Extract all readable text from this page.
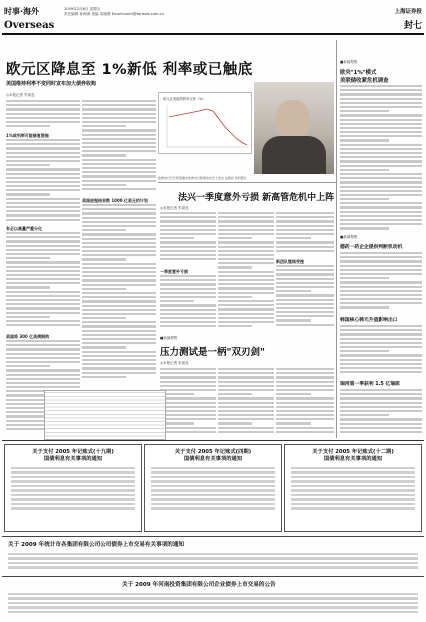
时事·海外
Overseas
2009年2月6日 星期五
责任编辑 孙海涛 美编 袁晓康 Email:sunht@ssnews.com.cn	上海证券报
封七
欧元区降息至 1%新低 利率或已触底
美国维持利率不变同时宣布加大债券收购
◎本报记者 朱周良
1%或利率可能修复措施
有必以高量严重分化
美国将 300 亿美债期购
美国进程结束数 1000 亿美元的计划
欧元区再融资利率走势（%）
欧洲央行行长特里谢在欧洲央行新闻发布会上发言 法新社 资料照片
法兴一季度意外亏损 新高管危机中上阵
◎本报记者 朱周良
一季度意外亏损
新团队继续受挫
■新闻观察
压力测试是一柄"双刃剑"
◎本报记者 朱周良
■新闻观察
欧央"1%"模式
美联储收紧危机调查
■新闻观察
德药一药企企提供判断机动机
韩国核心韩元升值影响出口
瑞再第一季获利 1.5 亿瑞郎
关于支付 2005 年记账式(十九期)
国债利息有关事项的通知
关于支付 2005 年记账式(四期)
国债利息有关事项的通知
关于支付 2005 年记账式(十二期)
国债利息有关事项的通知
关于 2009 年统计市各集团有限公司公司债券上市交易有关事项的通知
关于 2009 年河南投资集团有限公司企业债券上市交易的公告
